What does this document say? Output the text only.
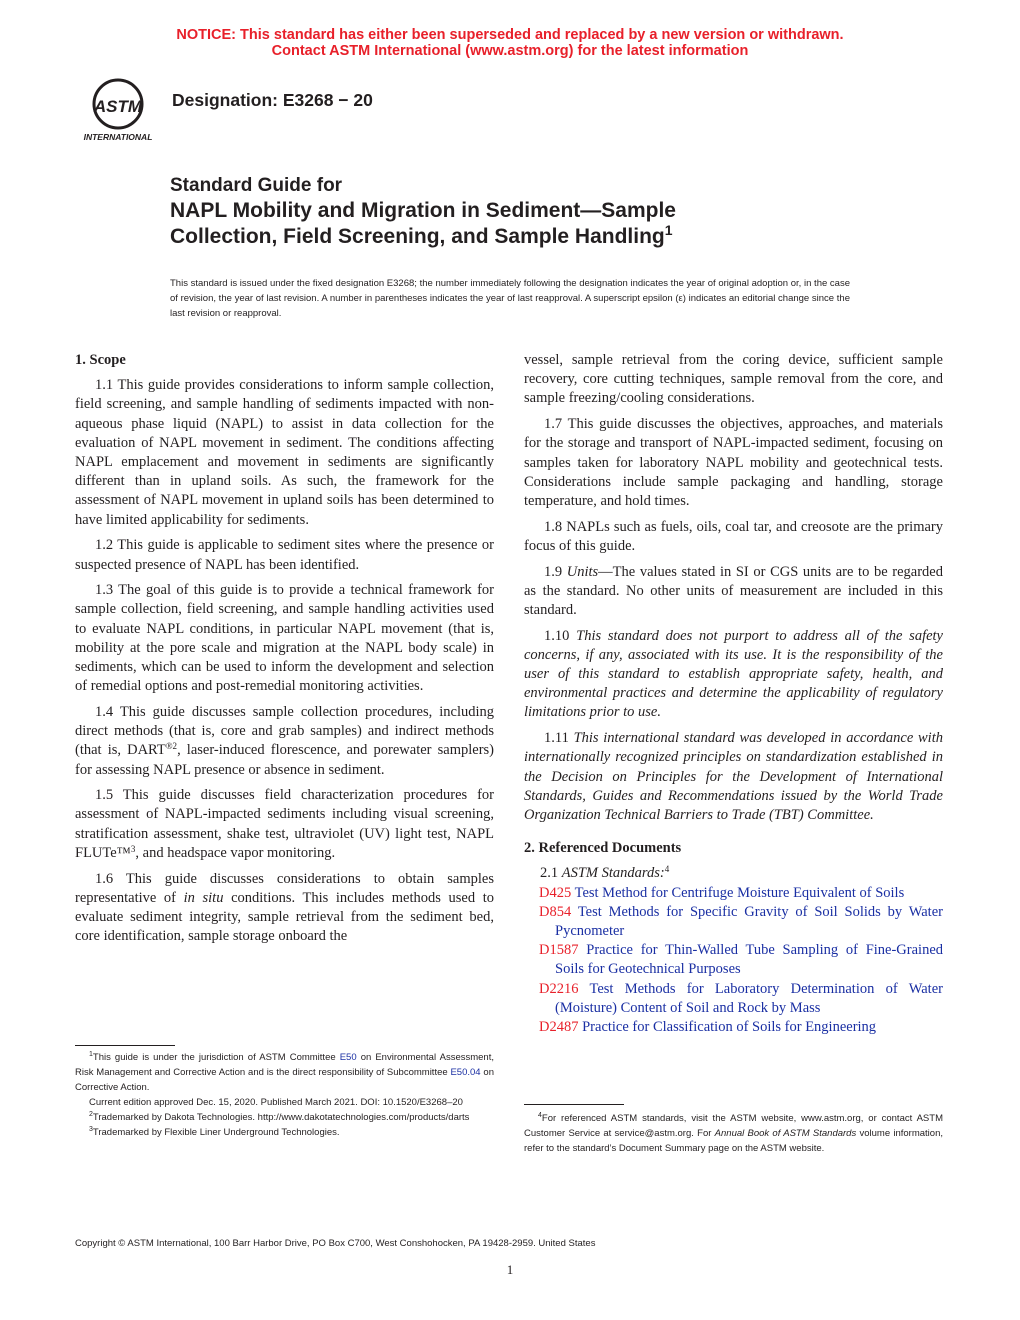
NOTICE: This standard has either been superseded and replaced by a new version or withdrawn.
Contact ASTM International (www.astm.org) for the latest information
ASTM
INTERNATIONAL
Designation: E3268 − 20
Standard Guide for
NAPL Mobility and Migration in Sediment—Sample
Collection, Field Screening, and Sample Handling$^1$
This standard is issued under the fixed designation E3268; the number immediately following the designation indicates the year of original adoption or, in the case of revision, the year of last revision. A number in parentheses indicates the year of last reapproval. A superscript epsilon (ε) indicates an editorial change since the last revision or reapproval.
1. Scope

1.1 This guide provides considerations to inform sample collection, field screening, and sample handling of sediments impacted with non-aqueous phase liquid (NAPL) to assist in data collection for the evaluation of NAPL movement in sediment. The conditions affecting NAPL emplacement and movement in sediments are significantly different than in upland soils. As such, the framework for the assessment of NAPL movement in upland soils has been determined to have limited applicability for sediments.

1.2 This guide is applicable to sediment sites where the presence or suspected presence of NAPL has been identified.

1.3 The goal of this guide is to provide a technical framework for sample collection, field screening, and sample handling activities used to evaluate NAPL conditions, in particular NAPL movement (that is, mobility at the pore scale and migration at the NAPL body scale) in sediments, which can be used to inform the development and selection of remedial options and post-remedial monitoring activities.

1.4 This guide discusses sample collection procedures, including direct methods (that is, core and grab samples) and indirect methods (that is, $DART^{®2}$, laser-induced florescence, and porewater samplers) for assessing NAPL presence or absence in sediment.

1.5 This guide discusses field characterization procedures for assessment of NAPL-impacted sediments including visual screening, stratification assessment, shake test, ultraviolet (UV) light test, NAPL FLUTe™$^3$, and headspace vapor monitoring.

1.6 This guide discusses considerations to obtain samples representative of in situ conditions. This includes methods used to evaluate sediment integrity, sample retrieval from the sediment bed, core identification, sample storage onboard the

vessel, sample retrieval from the coring device, sufficient sample recovery, core cutting techniques, sample removal from the core, and sample freezing/cooling considerations.

1.7 This guide discusses the objectives, approaches, and materials for the storage and transport of NAPL-impacted sediment, focusing on samples taken for laboratory NAPL mobility and geotechnical tests. Considerations include sample packaging and handling, storage temperature, and hold times.

1.8 NAPLs such as fuels, oils, coal tar, and creosote are the primary focus of this guide.

1.9 Units—The values stated in SI or CGS units are to be regarded as the standard. No other units of measurement are included in this standard.

1.10 This standard does not purport to address all of the safety concerns, if any, associated with its use. It is the responsibility of the user of this standard to establish appropriate safety, health, and environmental practices and determine the applicability of regulatory limitations prior to use.

1.11 This international standard was developed in accordance with internationally recognized principles on standardization established in the Decision on Principles for the Development of International Standards, Guides and Recommendations issued by the World Trade Organization Technical Barriers to Trade (TBT) Committee.

2. Referenced Documents
2.1 ASTM Standards:$^4$
D425 Test Method for Centrifuge Moisture Equivalent of Soils
D854 Test Methods for Specific Gravity of Soil Solids by Water Pycnometer
D1587 Practice for Thin-Walled Tube Sampling of Fine-Grained Soils for Geotechnical Purposes
D2216 Test Methods for Laboratory Determination of Water (Moisture) Content of Soil and Rock by Mass
D2487 Practice for Classification of Soils for Engineering

$^1$This guide is under the jurisdiction of ASTM Committee E50 on Environmental Assessment, Risk Management and Corrective Action and is the direct responsibility of Subcommittee E50.04 on Corrective Action.

Current edition approved Dec. 15, 2020. Published March 2021. DOI: 10.1520/E3268–20

$^2$Trademarked by Dakota Technologies. http://www.dakotatechnologies.com/products/darts

$^3$Trademarked by Flexible Liner Underground Technologies.

$^4$For referenced ASTM standards, visit the ASTM website, www.astm.org, or contact ASTM Customer Service at service@astm.org. For Annual Book of ASTM Standards volume information, refer to the standard’s Document Summary page on the ASTM website.

Copyright © ASTM International, 100 Barr Harbor Drive, PO Box C700, West Conshohocken, PA 19428-2959. United States
1
